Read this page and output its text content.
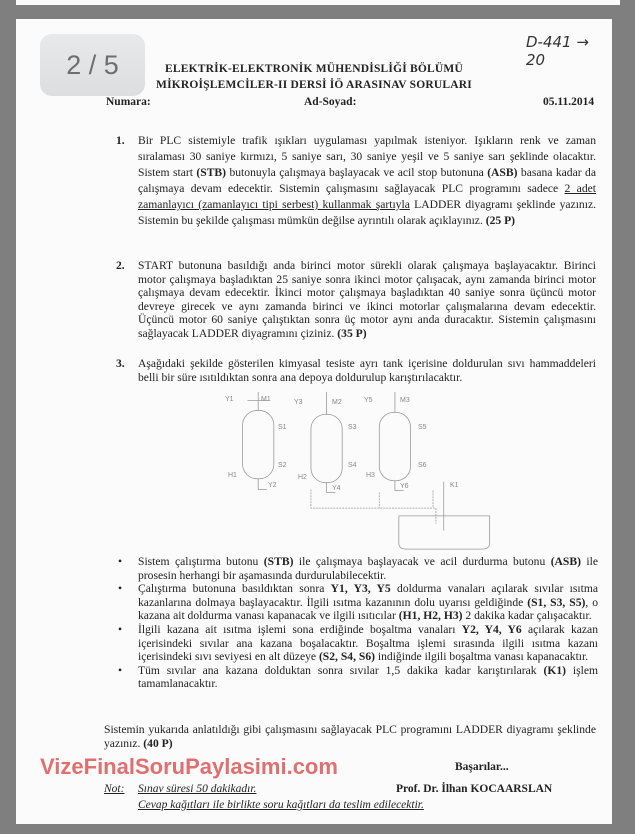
2 / 5
D-441 → 20
ELEKTRİK-ELEKTRONİK MÜHENDİSLİĞİ BÖLÜMÜ
MİKROİŞLEMCİLER-II DERSİ İÖ ARASINAV SORULARI
Numara:	Ad-Soyad:	05.11.2014
1. Bir PLC sistemiyle trafik ışıkları uygulaması yapılmak isteniyor. Işıkların renk ve zaman sıralaması 30 saniye kırmızı, 5 saniye sarı, 30 saniye yeşil ve 5 saniye sarı şeklinde olacaktır. Sistem start (STB) butonuyla çalışmaya başlayacak ve acil stop butonuna (ASB) basana kadar da çalışmaya devam edecektir. Sistemin çalışmasını sağlayacak PLC programını sadece 2 adet zamanlayıcı (zamanlayıcı tipi serbest) kullanmak şartıyla LADDER diyagramı şeklinde yazınız. Sistemin bu şekilde çalışması mümkün değilse ayrıntılı olarak açıklayınız. (25 P)
2. START butonuna basıldığı anda birinci motor sürekli olarak çalışmaya başlayacaktır. Birinci motor çalışmaya başladıktan 25 saniye sonra ikinci motor çalışacak, aynı zamanda birinci motor çalışmaya devam edecektir. İkinci motor çalışmaya başladıktan 40 saniye sonra üçüncü motor devreye girecek ve aynı zamanda birinci ve ikinci motorlar çalışmalarına devam edecektir. Üçüncü motor 60 saniye çalıştıktan sonra üç motor aynı anda duracaktır. Sistemin çalışmasını sağlayacak LADDER diyagramını çiziniz. (35 P)
3. Aşağıdaki şekilde gösterilen kimyasal tesiste ayrı tank içerisine doldurulan sıvı hammaddeleri belli bir süre ısıtıldıktan sonra ana depoya doldurulup karıştırılacaktır.
Y1	M1
S1
S2
H1
Y2
Y3	M2
S3
S4
H2
Y4
Y5	M3
S5
S6
H3
Y6	K1
• Sistem çalıştırma butonu (STB) ile çalışmaya başlayacak ve acil durdurma butonu (ASB) ile prosesin herhangi bir aşamasında durdurulabilecektir.
• Çalıştırma butonuna basıldıktan sonra Y1, Y3, Y5 doldurma vanaları açılarak sıvılar ısıtma kazanlarına dolmaya başlayacaktır. İlgili ısıtma kazanının dolu uyarısı geldiğinde (S1, S3, S5), o kazana ait doldurma vanası kapanacak ve ilgili ısıtıcılar (H1, H2, H3) 2 dakika kadar çalışacaktır.
• İlgili kazana ait ısıtma işlemi sona erdiğinde boşaltma vanaları Y2, Y4, Y6 açılarak kazan içerisindeki sıvılar ana kazana boşalacaktır. Boşaltma işlemi sırasında ilgili ısıtma kazanı içerisindeki sıvı seviyesi en alt düzeye (S2, S4, S6) indiğinde ilgili boşaltma vanası kapanacaktır.
• Tüm sıvılar ana kazana dolduktan sonra sıvılar 1,5 dakika kadar karıştırılarak (K1) işlem tamamlanacaktır.
Sistemin yukarıda anlatıldığı gibi çalışmasını sağlayacak PLC programını LADDER diyagramı şeklinde yazınız. (40 P)
VizeFinalSoruPaylasimi.com	Başarılar...
Not: Sınav süresi 50 dakikadır.
Cevap kağıtları ile birlikte soru kağıtları da teslim edilecektir.
Prof. Dr. İlhan KOCAARSLAN
